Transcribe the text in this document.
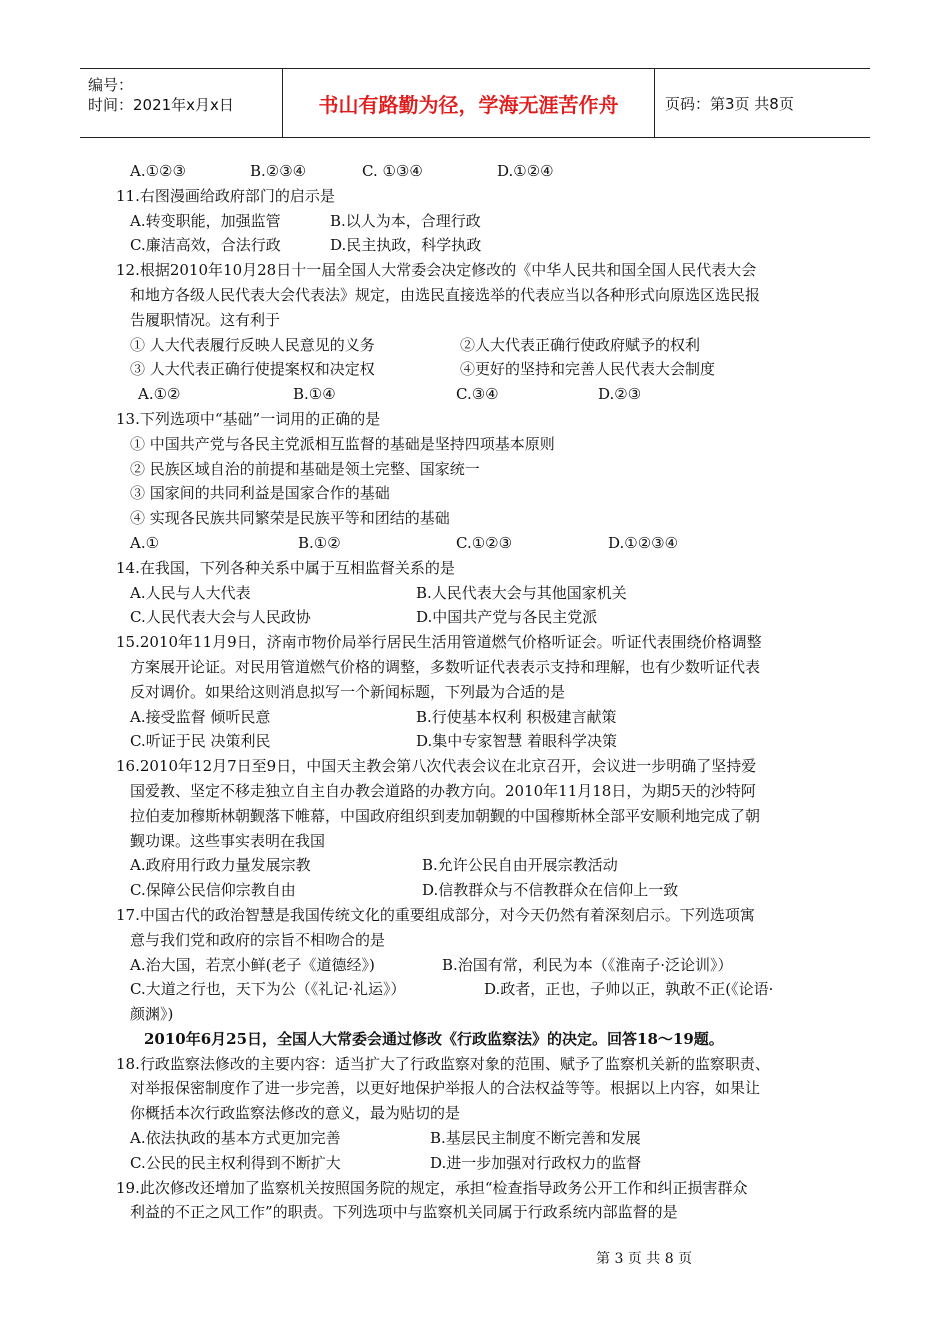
编号：
时间：2021年x月x日	书山有路勤为径，学海无涯苦作舟	页码：第3页 共8页
A.①②③	B.②③④	C. ①③④	D.①②④
11.右图漫画给政府部门的启示是
A.转变职能，加强监管	B.以人为本，合理行政
C.廉洁高效，合法行政	D.民主执政，科学执政
12.根据2010年10月28日十一届全国人大常委会决定修改的《中华人民共和国全国人民代表大会
和地方各级人民代表大会代表法》规定，由选民直接选举的代表应当以各种形式向原选区选民报
告履职情况。这有利于
① 人大代表履行反映人民意见的义务	②人大代表正确行使政府赋予的权利
③ 人大代表正确行使提案权和决定权	④更好的坚持和完善人民代表大会制度
A.①②	B.①④	C.③④	D.②③
13.下列选项中“基础”一词用的正确的是
① 中国共产党与各民主党派相互监督的基础是坚持四项基本原则
② 民族区域自治的前提和基础是领土完整、国家统一
③ 国家间的共同利益是国家合作的基础
④ 实现各民族共同繁荣是民族平等和团结的基础
A.①	B.①②	C.①②③	D.①②③④
14.在我国，下列各种关系中属于互相监督关系的是
A.人民与人大代表	B.人民代表大会与其他国家机关
C.人民代表大会与人民政协	D.中国共产党与各民主党派
15.2010年11月9日，济南市物价局举行居民生活用管道燃气价格听证会。听证代表围绕价格调整
方案展开论证。对民用管道燃气价格的调整，多数听证代表表示支持和理解，也有少数听证代表
反对调价。如果给这则消息拟写一个新闻标题，下列最为合适的是
A.接受监督 倾听民意	B.行使基本权利 积极建言献策
C.听证于民 决策利民	D.集中专家智慧 着眼科学决策
16.2010年12月7日至9日，中国天主教会第八次代表会议在北京召开，会议进一步明确了坚持爱
国爱教、坚定不移走独立自主自办教会道路的办教方向。2010年11月18日，为期5天的沙特阿
拉伯麦加穆斯林朝觐落下帷幕，中国政府组织到麦加朝觐的中国穆斯林全部平安顺利地完成了朝
觐功课。这些事实表明在我国
A.政府用行政力量发展宗教	B.允许公民自由开展宗教活动
C.保障公民信仰宗教自由	D.信教群众与不信教群众在信仰上一致
17.中国古代的政治智慧是我国传统文化的重要组成部分，对今天仍然有着深刻启示。下列选项寓
意与我们党和政府的宗旨不相吻合的是
A.治大国，若烹小鲜(老子《道德经》)	B.治国有常，利民为本（《淮南子·泛论训》）
C.大道之行也，天下为公（《礼记·礼运》）	D.政者，正也，子帅以正，孰敢不正(《论语·
颜渊》)
2010年6月25日，全国人大常委会通过修改《行政监察法》的决定。回答18～19题。
18.行政监察法修改的主要内容：适当扩大了行政监察对象的范围、赋予了监察机关新的监察职责、
对举报保密制度作了进一步完善，以更好地保护举报人的合法权益等等。根据以上内容，如果让
你概括本次行政监察法修改的意义，最为贴切的是
A.依法执政的基本方式更加完善	B.基层民主制度不断完善和发展
C.公民的民主权利得到不断扩大	D.进一步加强对行政权力的监督
19.此次修改还增加了监察机关按照国务院的规定，承担“检查指导政务公开工作和纠正损害群众
利益的不正之风工作”的职责。下列选项中与监察机关同属于行政系统内部监督的是
第 3 页 共 8 页
